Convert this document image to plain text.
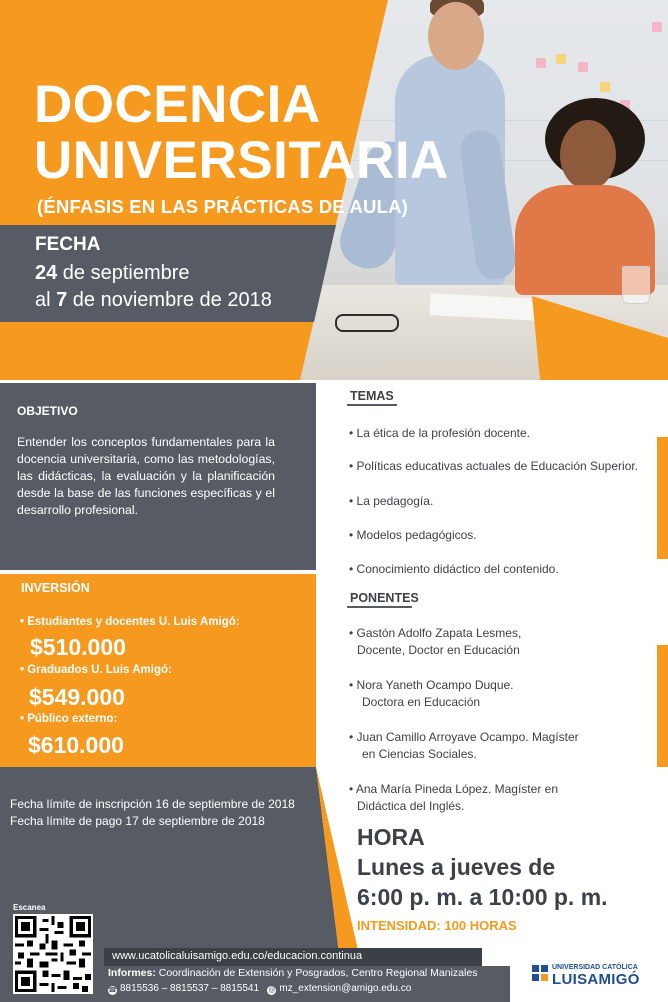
DOCENCIA
UNIVERSITARIA
(ÉNFASIS EN LAS PRÁCTICAS DE AULA)
FECHA
24 de septiembre
al 7 de noviembre de 2018
OBJETIVO
Entender los conceptos fundamentales para la docencia universitaria, como las metodologías, las didácticas, la evaluación y la planificación desde la base de las funciones específicas y el desarrollo profesional.
INVERSIÓN
• Estudiantes y docentes U. Luis Amigó:
$510.000
• Graduados U. Luis Amigó:
$549.000
• Público externo:
$610.000
Fecha límite de inscripción 16 de septiembre de 2018
Fecha límite de pago 17 de septiembre de 2018
Escanea
TEMAS
• La ética de la profesión docente.
• Políticas educativas actuales de Educación Superior.
• La pedagogía.
• Modelos pedagógicos.
• Conocimiento didáctico del contenido.
PONENTES
• Gastón Adolfo Zapata Lesmes,
Docente, Doctor en Educación
• Nora Yaneth Ocampo Duque.
Doctora en Educación
• Juan Camillo Arroyave Ocampo. Magíster
en Ciencias Sociales.
• Ana María Pineda López. Magíster en
Didáctica del Inglés.
HORA
Lunes a jueves de
6:00 p. m. a 10:00 p. m.
INTENSIDAD: 100 HORAS
www.ucatolicaluisamigo.edu.co/educacion.continua
Informes: Coordinación de Extensión y Posgrados, Centro Regional Manizales
☎ 8815536 – 8815537 – 8815541 @ mz_extension@amigo.edu.co
UNIVERSIDAD CATÓLICA
LUISAMIGÓ
